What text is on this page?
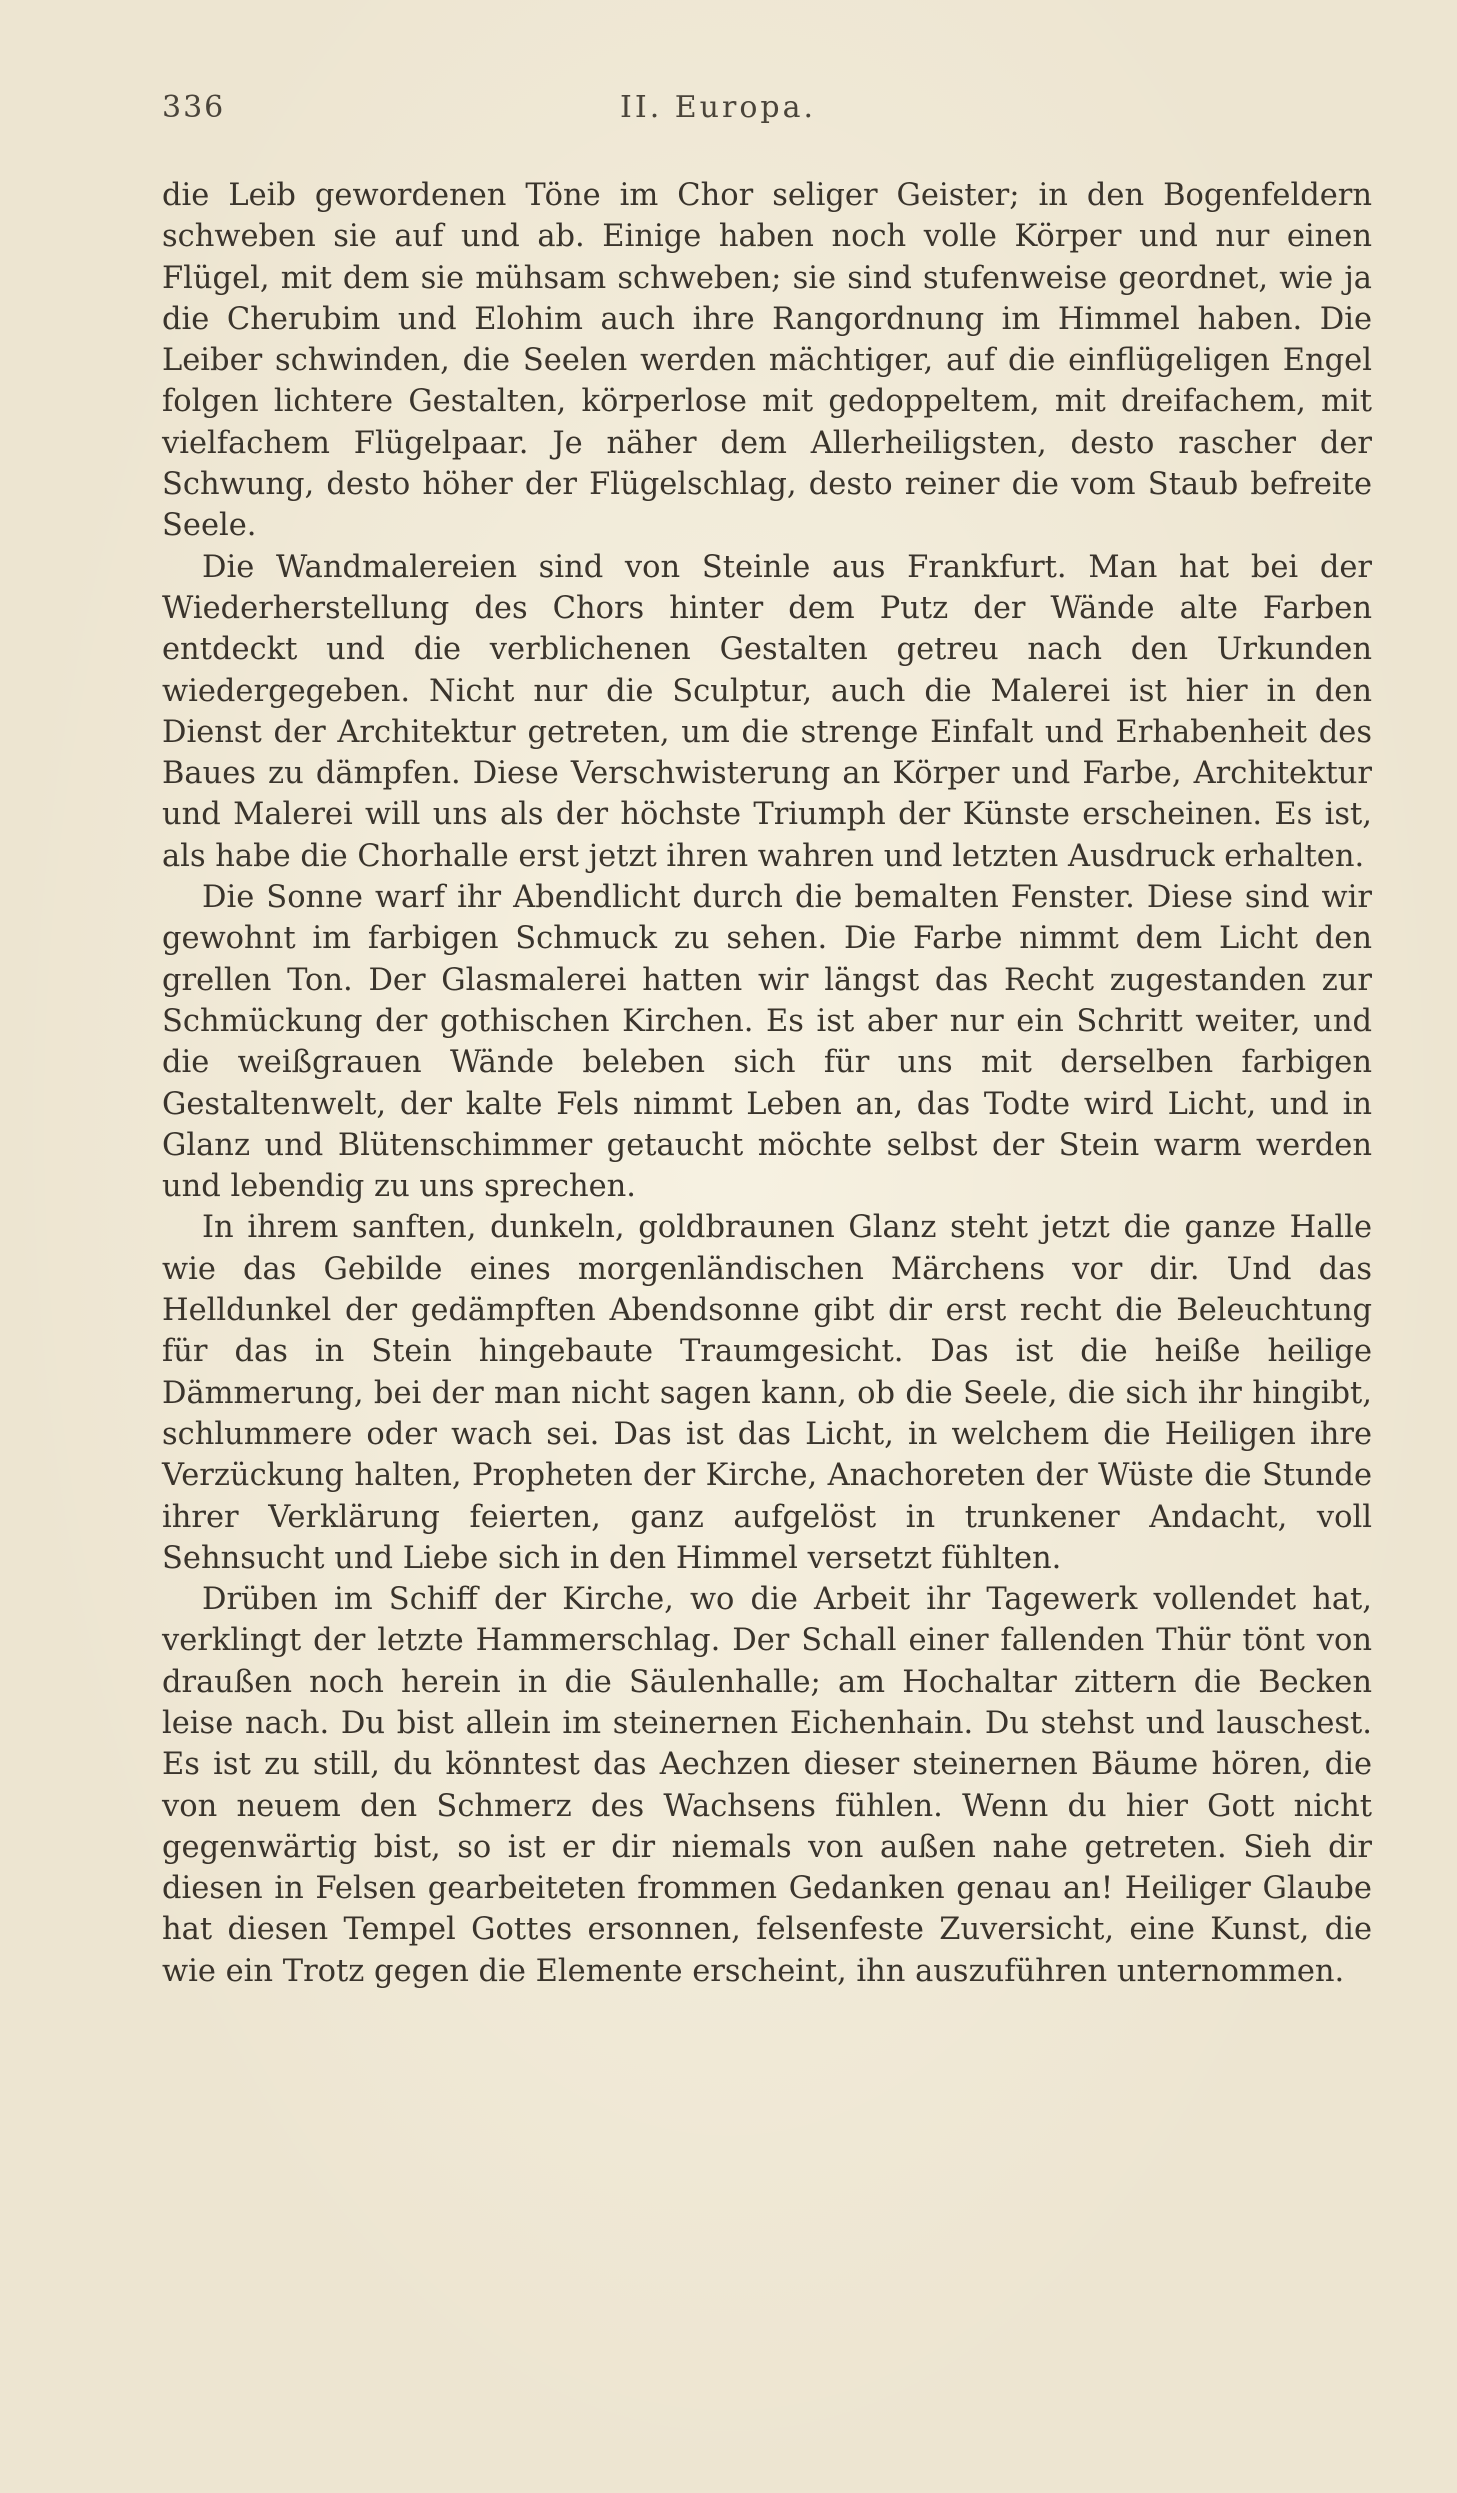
336	II. Europa.

die Leib gewordenen Töne im Chor seliger Geister; in den Bogenfeldern schweben sie auf und ab. Einige haben noch volle Körper und nur einen Flügel, mit dem sie mühsam schweben; sie sind stufenweise geordnet, wie ja die Cherubim und Elohim auch ihre Rangordnung im Himmel haben. Die Leiber schwinden, die Seelen werden mächtiger, auf die einflügeligen Engel folgen lichtere Gestalten, körperlose mit gedoppeltem, mit dreifachem, mit vielfachem Flügelpaar. Je näher dem Allerheiligsten, desto rascher der Schwung, desto höher der Flügelschlag, desto reiner die vom Staub befreite Seele.

Die Wandmalereien sind von Steinle aus Frankfurt. Man hat bei der Wiederherstellung des Chors hinter dem Putz der Wände alte Farben entdeckt und die verblichenen Gestalten getreu nach den Urkunden wiedergegeben. Nicht nur die Sculptur, auch die Malerei ist hier in den Dienst der Architektur getreten, um die strenge Einfalt und Erhabenheit des Baues zu dämpfen. Diese Verschwisterung an Körper und Farbe, Architektur und Malerei will uns als der höchste Triumph der Künste erscheinen. Es ist, als habe die Chorhalle erst jetzt ihren wahren und letzten Ausdruck erhalten.

Die Sonne warf ihr Abendlicht durch die bemalten Fenster. Diese sind wir gewohnt im farbigen Schmuck zu sehen. Die Farbe nimmt dem Licht den grellen Ton. Der Glasmalerei hatten wir längst das Recht zugestanden zur Schmückung der gothischen Kirchen. Es ist aber nur ein Schritt weiter, und die weißgrauen Wände beleben sich für uns mit derselben farbigen Gestaltenwelt, der kalte Fels nimmt Leben an, das Todte wird Licht, und in Glanz und Blütenschimmer getaucht möchte selbst der Stein warm werden und lebendig zu uns sprechen.

In ihrem sanften, dunkeln, goldbraunen Glanz steht jetzt die ganze Halle wie das Gebilde eines morgenländischen Märchens vor dir. Und das Helldunkel der gedämpften Abendsonne gibt dir erst recht die Beleuchtung für das in Stein hingebaute Traumgesicht. Das ist die heiße heilige Dämmerung, bei der man nicht sagen kann, ob die Seele, die sich ihr hingibt, schlummere oder wach sei. Das ist das Licht, in welchem die Heiligen ihre Verzückung halten, Propheten der Kirche, Anachoreten der Wüste die Stunde ihrer Verklärung feierten, ganz aufgelöst in trunkener Andacht, voll Sehnsucht und Liebe sich in den Himmel versetzt fühlten.

Drüben im Schiff der Kirche, wo die Arbeit ihr Tagewerk vollendet hat, verklingt der letzte Hammerschlag. Der Schall einer fallenden Thür tönt von draußen noch herein in die Säulenhalle; am Hochaltar zittern die Becken leise nach. Du bist allein im steinernen Eichenhain. Du stehst und lauschest. Es ist zu still, du könntest das Aechzen dieser steinernen Bäume hören, die von neuem den Schmerz des Wachsens fühlen. Wenn du hier Gott nicht gegenwärtig bist, so ist er dir niemals von außen nahe getreten. Sieh dir diesen in Felsen gearbeiteten frommen Gedanken genau an! Heiliger Glaube hat diesen Tempel Gottes ersonnen, felsenfeste Zuversicht, eine Kunst, die wie ein Trotz gegen die Elemente erscheint, ihn auszuführen unternommen.
